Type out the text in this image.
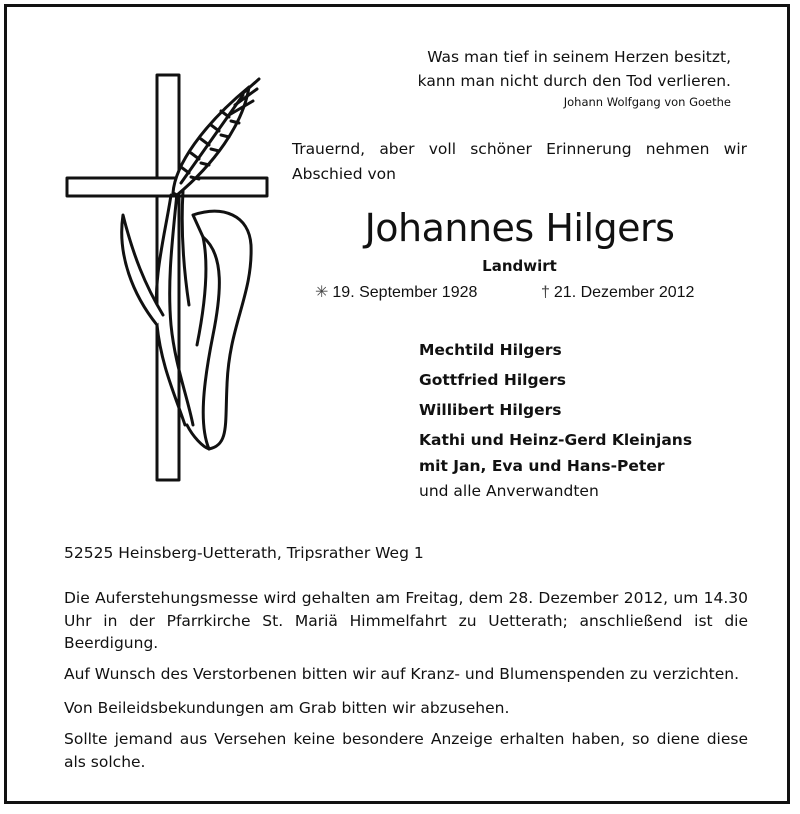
Was man tief in seinem Herzen besitzt,
kann man nicht durch den Tod verlieren.
Johann Wolfgang von Goethe
Trauernd, aber voll schöner Erinnerung nehmen wir Abschied von
Johannes Hilgers
Landwirt
✳ 19. September 1928	† 21. Dezember 2012
Mechtild Hilgers
Gottfried Hilgers
Willibert Hilgers
Kathi und Heinz-Gerd Kleinjans
mit Jan, Eva und Hans-Peter
und alle Anverwandten
52525 Heinsberg-Uetterath, Tripsrather Weg 1
Die Auferstehungsmesse wird gehalten am Freitag, dem 28. Dezember 2012, um 14.30 Uhr in der Pfarrkirche St. Mariä Himmelfahrt zu Uetterath; anschließend ist die Beerdigung.
Auf Wunsch des Verstorbenen bitten wir auf Kranz- und Blumenspenden zu verzichten.
Von Beileidsbekundungen am Grab bitten wir abzusehen.
Sollte jemand aus Versehen keine besondere Anzeige erhalten haben, so diene diese als solche.
